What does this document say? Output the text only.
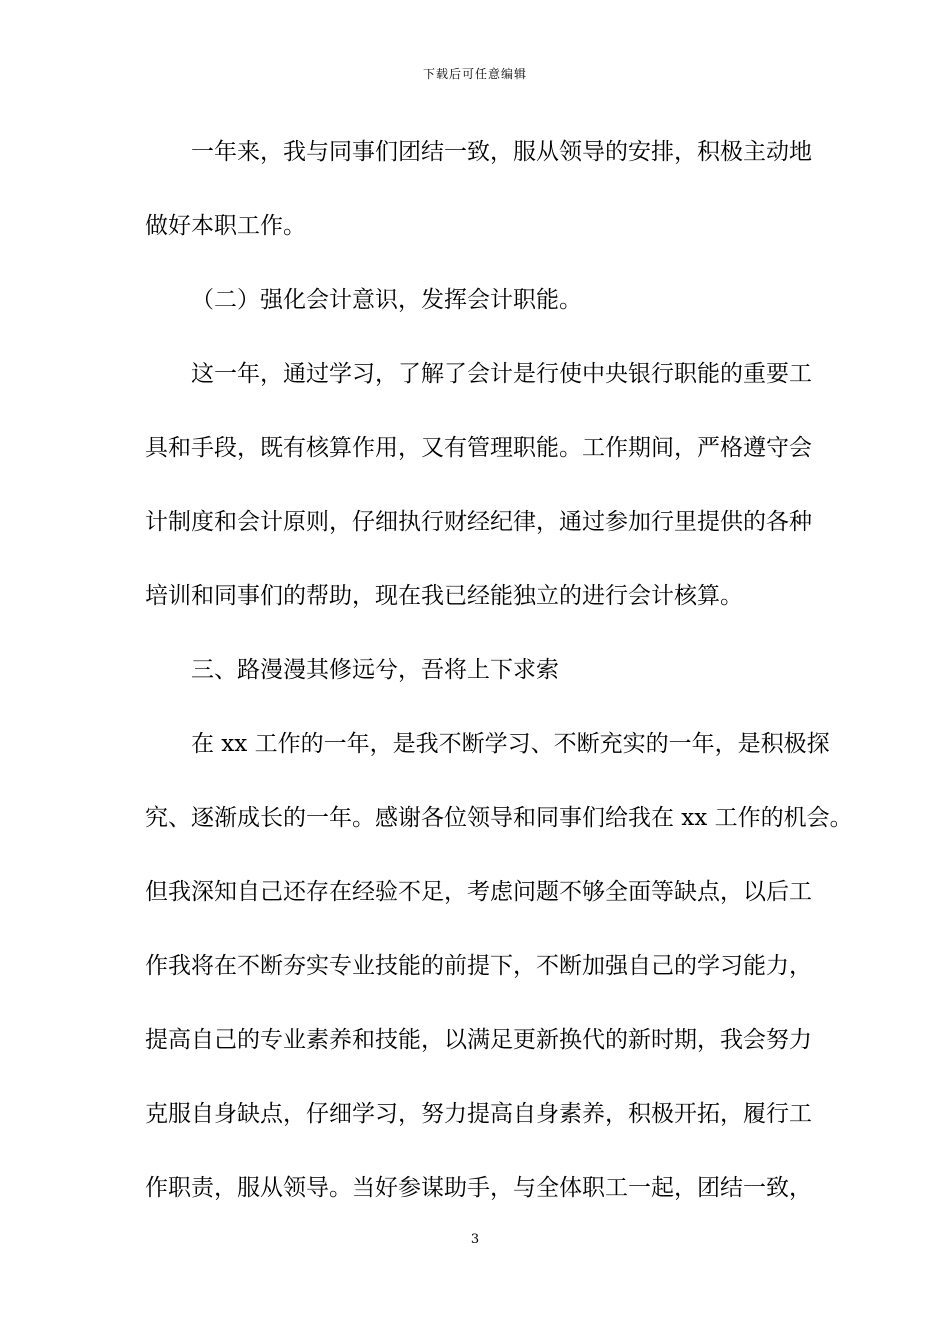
下载后可任意编辑
一年来，我与同事们团结一致，服从领导的安排，积极主动地
做好本职工作。
（二）强化会计意识，发挥会计职能。
这一年，通过学习，了解了会计是行使中央银行职能的重要工
具和手段，既有核算作用，又有管理职能。工作期间，严格遵守会
计制度和会计原则，仔细执行财经纪律，通过参加行里提供的各种
培训和同事们的帮助，现在我已经能独立的进行会计核算。
三、路漫漫其修远兮，吾将上下求索
在 xx 工作的一年，是我不断学习、不断充实的一年，是积极探
究、逐渐成长的一年。感谢各位领导和同事们给我在 xx 工作的机会。
但我深知自己还存在经验不足，考虑问题不够全面等缺点，以后工
作我将在不断夯实专业技能的前提下，不断加强自己的学习能力，
提高自己的专业素养和技能，以满足更新换代的新时期，我会努力
克服自身缺点，仔细学习，努力提高自身素养，积极开拓，履行工
作职责，服从领导。当好参谋助手，与全体职工一起，团结一致，
3
